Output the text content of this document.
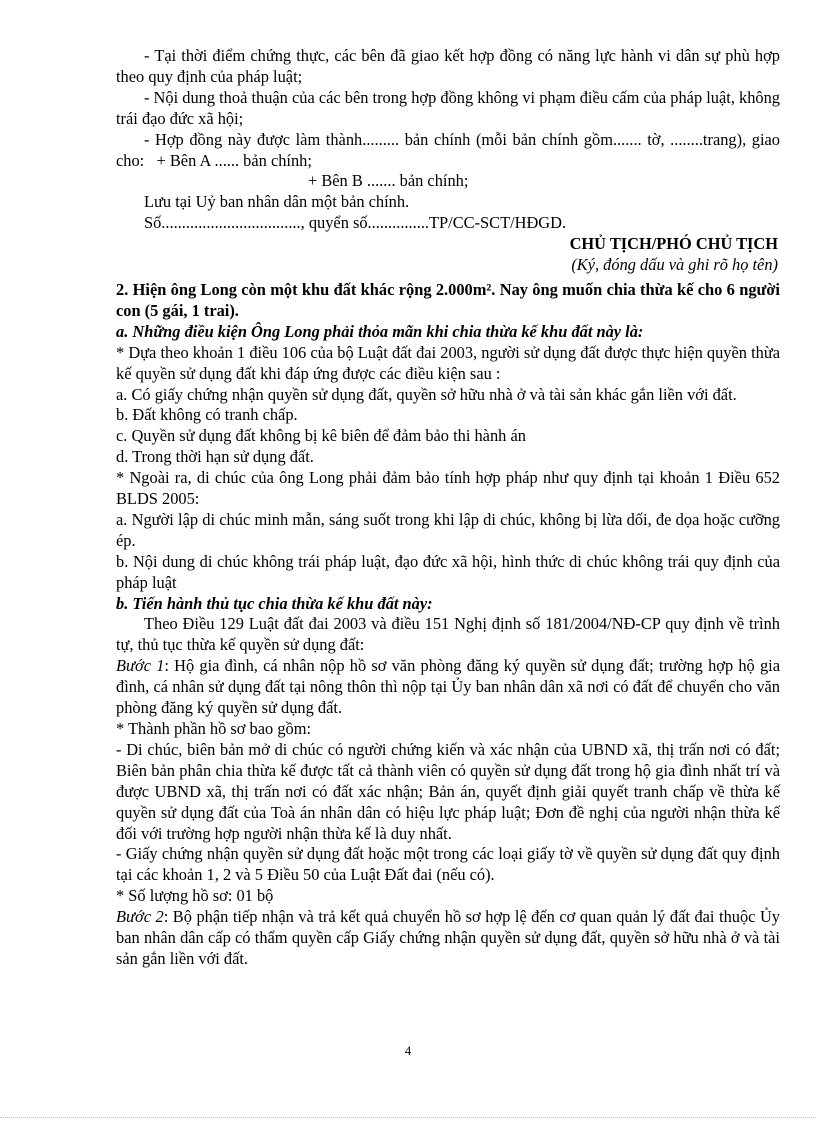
- Tại thời điểm chứng thực, các bên đã giao kết hợp đồng có năng lực hành vi dân sự phù hợp theo quy định của pháp luật;

- Nội dung thoả thuận của các bên trong hợp đồng không vi phạm điều cấm của pháp luật, không trái đạo đức xã hội;

- Hợp đồng này được làm thành......... bản chính (mỗi bản chính gồm....... tờ, ........trang), giao cho: + Bên A ...... bản chính;

+ Bên B ....... bản chính;

Lưu tại Uỷ ban nhân dân một bản chính.

Số.................................., quyển số...............TP/CC-SCT/HĐGD.

CHỦ TỊCH/PHÓ CHỦ TỊCH

(Ký, đóng dấu và ghi rõ họ tên)

2. Hiện ông Long còn một khu đất khác rộng 2.000m². Nay ông muốn chia thừa kế cho 6 người con (5 gái, 1 trai).

a. Những điều kiện Ông Long phải thỏa mãn khi chia thừa kế khu đất này là:

* Dựa theo khoản 1 điều 106 của bộ Luật đất đai 2003, người sử dụng đất được thực hiện quyền thừa kế quyền sử dụng đất khi đáp ứng được các điều kiện sau :

a. Có giấy chứng nhận quyền sử dụng đất, quyền sở hữu nhà ở và tài sản khác gắn liền với đất.

b. Đất không có tranh chấp.

c. Quyền sử dụng đất không bị kê biên để đảm bảo thi hành án

d. Trong thời hạn sử dụng đất.

* Ngoài ra, di chúc của ông Long phải đảm bảo tính hợp pháp như quy định tại khoản 1 Điều 652 BLDS 2005:

a. Người lập di chúc minh mẫn, sáng suốt trong khi lập di chúc, không bị lừa dối, đe dọa hoặc cưỡng ép.

b. Nội dung di chúc không trái pháp luật, đạo đức xã hội, hình thức di chúc không trái quy định của pháp luật

b. Tiến hành thủ tục chia thừa kế khu đất này:

Theo Điều 129 Luật đất đai 2003 và điều 151 Nghị định số 181/2004/NĐ-CP quy định về trình tự, thủ tục thừa kế quyền sử dụng đất:

Bước 1: Hộ gia đình, cá nhân nộp hồ sơ văn phòng đăng ký quyền sử dụng đất; trường hợp hộ gia đình, cá nhân sử dụng đất tại nông thôn thì nộp tại Ủy ban nhân dân xã nơi có đất để chuyển cho văn phòng đăng ký quyền sử dụng đất.

* Thành phần hồ sơ bao gồm:

- Di chúc, biên bản mở di chúc có người chứng kiến và xác nhận của UBND xã, thị trấn nơi có đất; Biên bản phân chia thừa kế được tất cả thành viên có quyền sử dụng đất trong hộ gia đình nhất trí và được UBND xã, thị trấn nơi có đất xác nhận; Bản án, quyết định giải quyết tranh chấp về thừa kế quyền sử dụng đất của Toà án nhân dân có hiệu lực pháp luật; Đơn đề nghị của người nhận thừa kế đối với trường hợp người nhận thừa kế là duy nhất.

- Giấy chứng nhận quyền sử dụng đất hoặc một trong các loại giấy tờ về quyền sử dụng đất quy định tại các khoản 1, 2 và 5 Điều 50 của Luật Đất đai (nếu có).

* Số lượng hồ sơ: 01 bộ

Bước 2: Bộ phận tiếp nhận và trả kết quả chuyển hồ sơ hợp lệ đến cơ quan quản lý đất đai thuộc Ủy ban nhân dân cấp có thẩm quyền cấp Giấy chứng nhận quyền sử dụng đất, quyền sở hữu nhà ở và tài sản gắn liền với đất.

4
